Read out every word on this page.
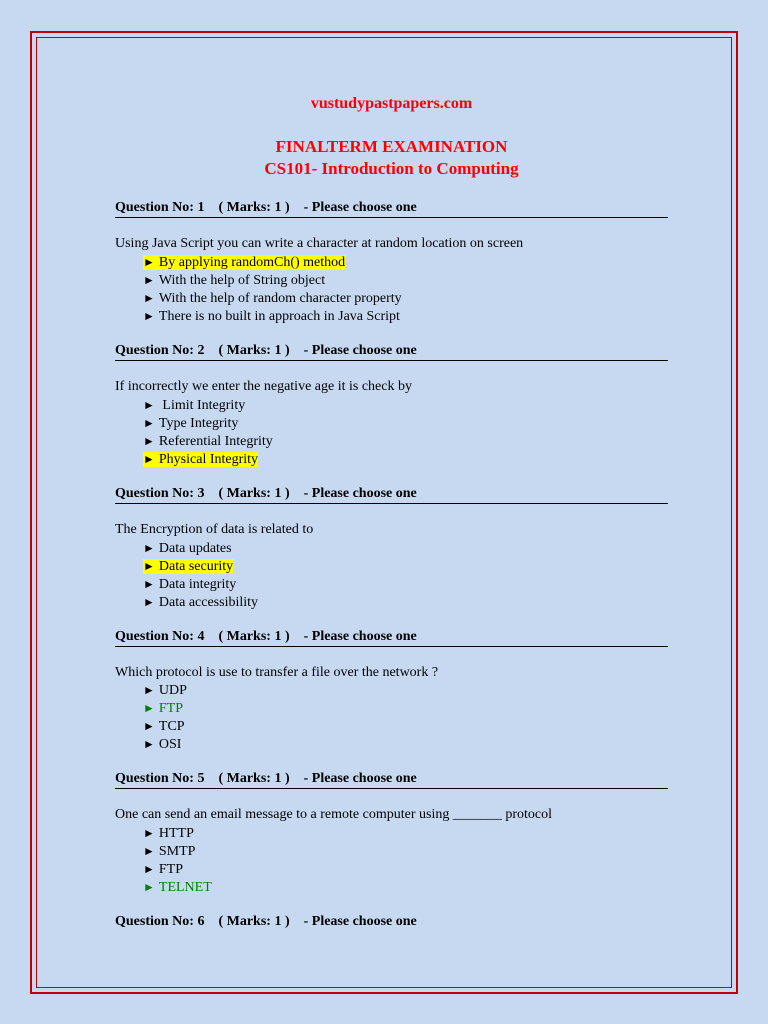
vustudypastpapers.com
FINALTERM EXAMINATION
CS101- Introduction to Computing
Question No: 1 ( Marks: 1 ) - Please choose one
Using Java Script you can write a character at random location on screen
► By applying randomCh() method
► With the help of String object
► With the help of random character property
► There is no built in approach in Java Script
Question No: 2 ( Marks: 1 ) - Please choose one
If incorrectly we enter the negative age it is check by
► Limit Integrity
► Type Integrity
► Referential Integrity
► Physical Integrity
Question No: 3 ( Marks: 1 ) - Please choose one
The Encryption of data is related to
► Data updates
► Data security
► Data integrity
► Data accessibility
Question No: 4 ( Marks: 1 ) - Please choose one
Which protocol is use to transfer a file over the network ?
► UDP
► FTP
► TCP
► OSI
Question No: 5 ( Marks: 1 ) - Please choose one
One can send an email message to a remote computer using _______ protocol
► HTTP
► SMTP
► FTP
► TELNET
Question No: 6 ( Marks: 1 ) - Please choose one
